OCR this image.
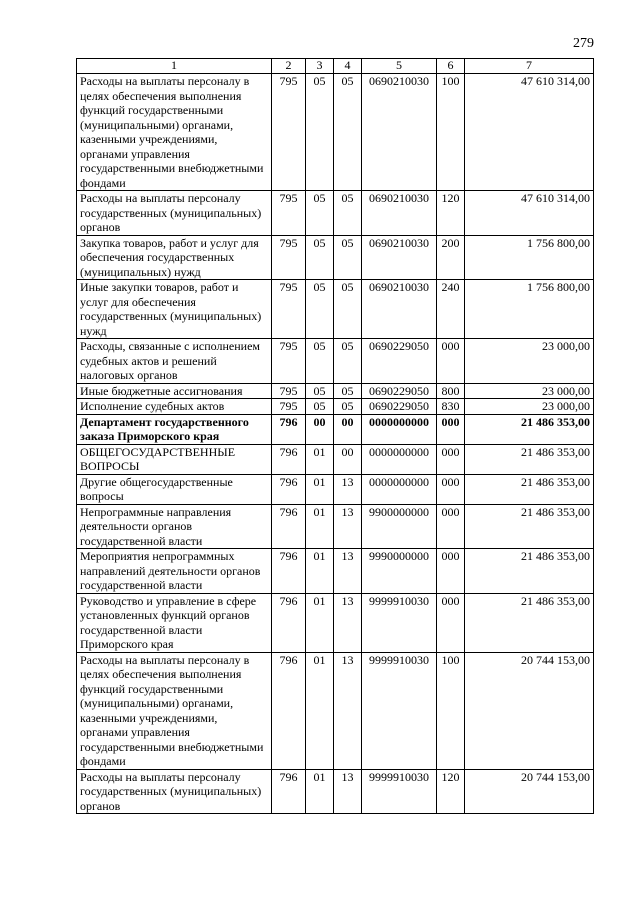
279
1	2	3	4	5	6	7
Расходы на выплаты персоналу в целях обеспечения выполнения функций государственными (муниципальными) органами, казенными учреждениями, органами управления государственными внебюджетными фондами	795	05	05	0690210030	100	47 610 314,00
Расходы на выплаты персоналу государственных (муниципальных) органов	795	05	05	0690210030	120	47 610 314,00
Закупка товаров, работ и услуг для обеспечения государственных (муниципальных) нужд	795	05	05	0690210030	200	1 756 800,00
Иные закупки товаров, работ и услуг для обеспечения государственных (муниципальных) нужд	795	05	05	0690210030	240	1 756 800,00
Расходы, связанные с исполнением судебных актов и решений налоговых органов	795	05	05	0690229050	000	23 000,00
Иные бюджетные ассигнования	795	05	05	0690229050	800	23 000,00
Исполнение судебных актов	795	05	05	0690229050	830	23 000,00
Департамент государственного заказа Приморского края	796	00	00	0000000000	000	21 486 353,00
ОБЩЕГОСУДАРСТВЕННЫЕ ВОПРОСЫ	796	01	00	0000000000	000	21 486 353,00
Другие общегосударственные вопросы	796	01	13	0000000000	000	21 486 353,00
Непрограммные направления деятельности органов государственной власти	796	01	13	9900000000	000	21 486 353,00
Мероприятия непрограммных направлений деятельности органов государственной власти	796	01	13	9990000000	000	21 486 353,00
Руководство и управление в сфере установленных функций органов государственной власти Приморского края	796	01	13	9999910030	000	21 486 353,00
Расходы на выплаты персоналу в целях обеспечения выполнения функций государственными (муниципальными) органами, казенными учреждениями, органами управления государственными внебюджетными фондами	796	01	13	9999910030	100	20 744 153,00
Расходы на выплаты персоналу государственных (муниципальных) органов	796	01	13	9999910030	120	20 744 153,00
